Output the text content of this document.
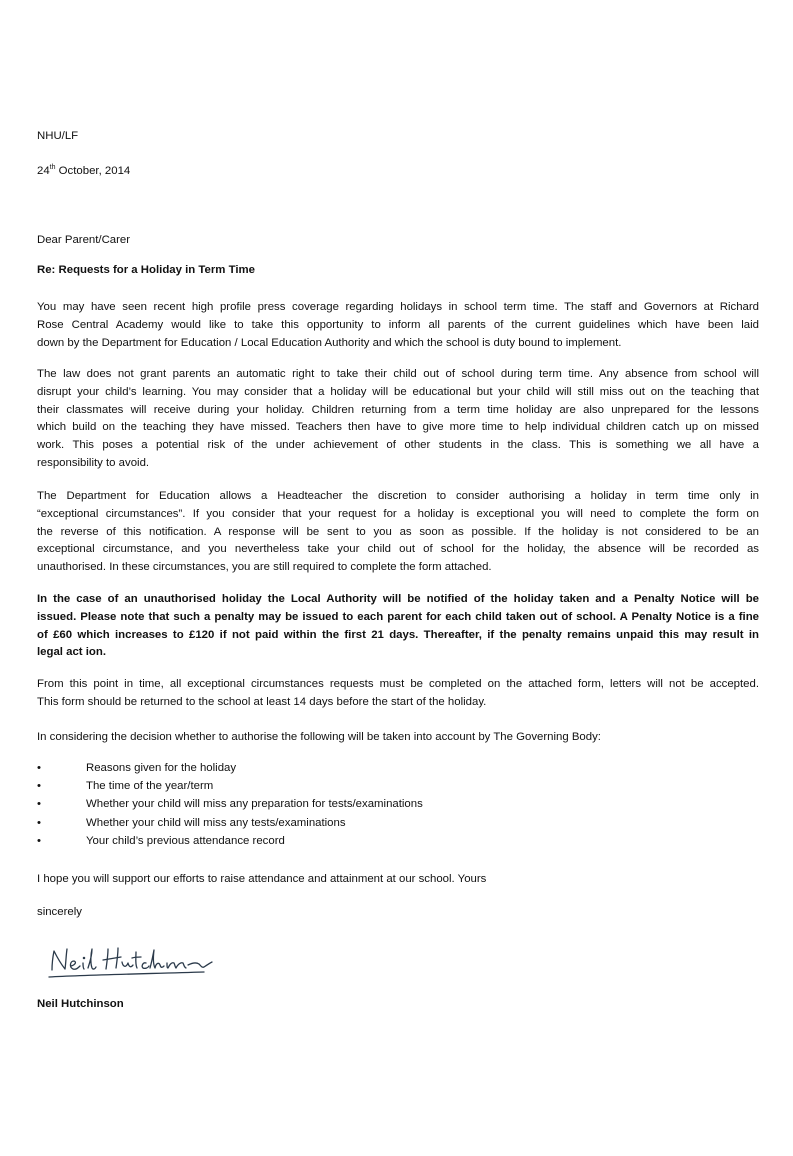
NHU/LF
24th October, 2014
Dear Parent/Carer
Re: Requests for a Holiday in Term Time

You may have seen recent high profile press coverage regarding holidays in school term time. The staff and Governors at Richard

Rose Central Academy would like to take this opportunity to inform all parents of the current guidelines which have been laid

down by the Department for Education / Local Education Authority and which the school is duty bound to implement.

The law does not grant parents an automatic right to take their child out of school during term time. Any absence from school will

disrupt your child’s learning. You may consider that a holiday will be educational but your child will still miss out on the teaching that

their classmates will receive during your holiday. Children returning from a term time holiday are also unprepared for the lessons

which build on the teaching they have missed. Teachers then have to give more time to help individual children catch up on missed

work. This poses a potential risk of the under achievement of other students in the class. This is something we all have a

responsibility to avoid.

The Department for Education allows a Headteacher the discretion to consider authorising a holiday in term time only in

“exceptional circumstances”. If you consider that your request for a holiday is exceptional you will need to complete the form on

the reverse of this notification. A response will be sent to you as soon as possible. If the holiday is not considered to be an

exceptional circumstance, and you nevertheless take your child out of school for the holiday, the absence will be recorded as

unauthorised. In these circumstances, you are still required to complete the form attached.

In the case of an unauthorised holiday the Local Authority will be notified of the holiday taken and a Penalty Notice will be

issued. Please note that such a penalty may be issued to each parent for each child taken out of school. A Penalty Notice is a fine

of £60 which increases to £120 if not paid within the first 21 days. Thereafter, if the penalty remains unpaid this may result in

legal act ion.

From this point in time, all exceptional circumstances requests must be completed on the attached form, letters will not be accepted.

This form should be returned to the school at least 14 days before the start of the holiday.

In considering the decision whether to authorise the following will be taken into account by The Governing Body:
•	Reasons given for the holiday
•	The time of the year/term
•	Whether your child will miss any preparation for tests/examinations
•	Whether your child will miss any tests/examinations
•	Your child’s previous attendance record
I hope you will support our efforts to raise attendance and attainment at our school. Yours
sincerely
Neil Hutchinson
